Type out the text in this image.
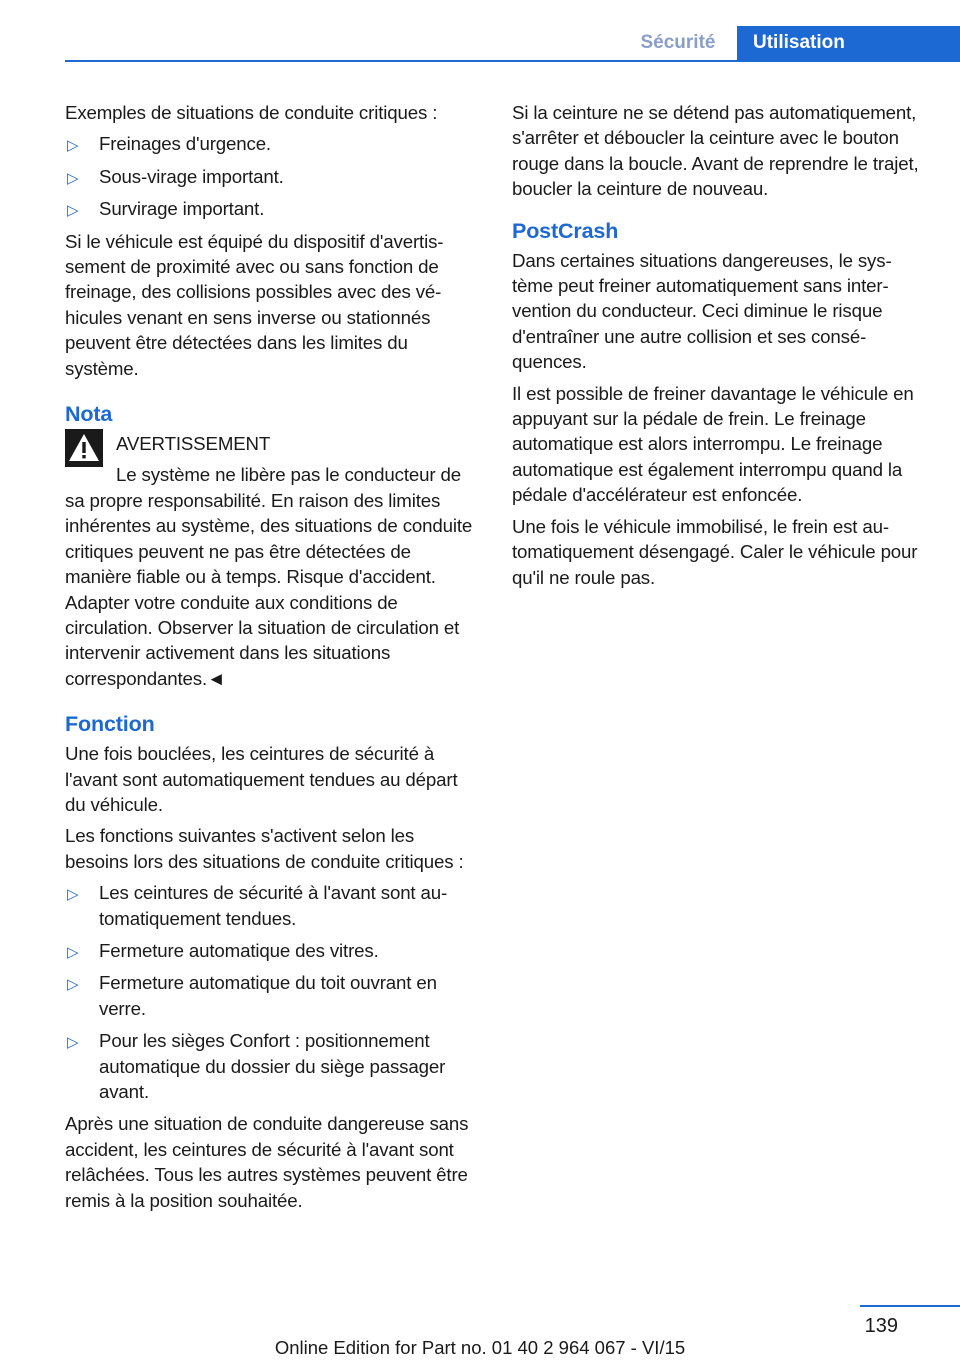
Sécurité	Utilisation

Exemples de situations de conduite critiques :

▷ Freinages d'urgence.
▷ Sous-virage important.
▷ Survirage important.

Si le véhicule est équipé du dispositif d'avertissement de proximité avec ou sans fonction de freinage, des collisions possibles avec des véhicules venant en sens inverse ou stationnés peuvent être détectées dans les limites du système.

Nota
AVERTISSEMENT
Le système ne libère pas le conducteur de sa propre responsabilité. En raison des limites inhérentes au système, des situations de conduite critiques peuvent ne pas être détectées de manière fiable ou à temps. Risque d'accident. Adapter votre conduite aux conditions de circulation. Observer la situation de circulation et intervenir activement dans les situations correspondantes.◄
Fonction

Une fois bouclées, les ceintures de sécurité à l'avant sont automatiquement tendues au départ du véhicule.

Les fonctions suivantes s'activent selon les besoins lors des situations de conduite critiques :

▷ Les ceintures de sécurité à l'avant sont automatiquement tendues.
▷ Fermeture automatique des vitres.
▷ Fermeture automatique du toit ouvrant en verre.
▷ Pour les sièges Confort : positionnement automatique du dossier du siège passager avant.

Après une situation de conduite dangereuse sans accident, les ceintures de sécurité à l'avant sont relâchées. Tous les autres systèmes peuvent être remis à la position souhaitée.

Si la ceinture ne se détend pas automatiquement, s'arrêter et déboucler la ceinture avec le bouton rouge dans la boucle. Avant de reprendre le trajet, boucler la ceinture de nouveau.

PostCrash

Dans certaines situations dangereuses, le système peut freiner automatiquement sans intervention du conducteur. Ceci diminue le risque d'entraîner une autre collision et ses conséquences.

Il est possible de freiner davantage le véhicule en appuyant sur la pédale de frein. Le freinage automatique est alors interrompu. Le freinage automatique est également interrompu quand la pédale d'accélérateur est enfoncée.

Une fois le véhicule immobilisé, le frein est automatiquement désengagé. Caler le véhicule pour qu'il ne roule pas.

139
Online Edition for Part no. 01 40 2 964 067 - VI/15
